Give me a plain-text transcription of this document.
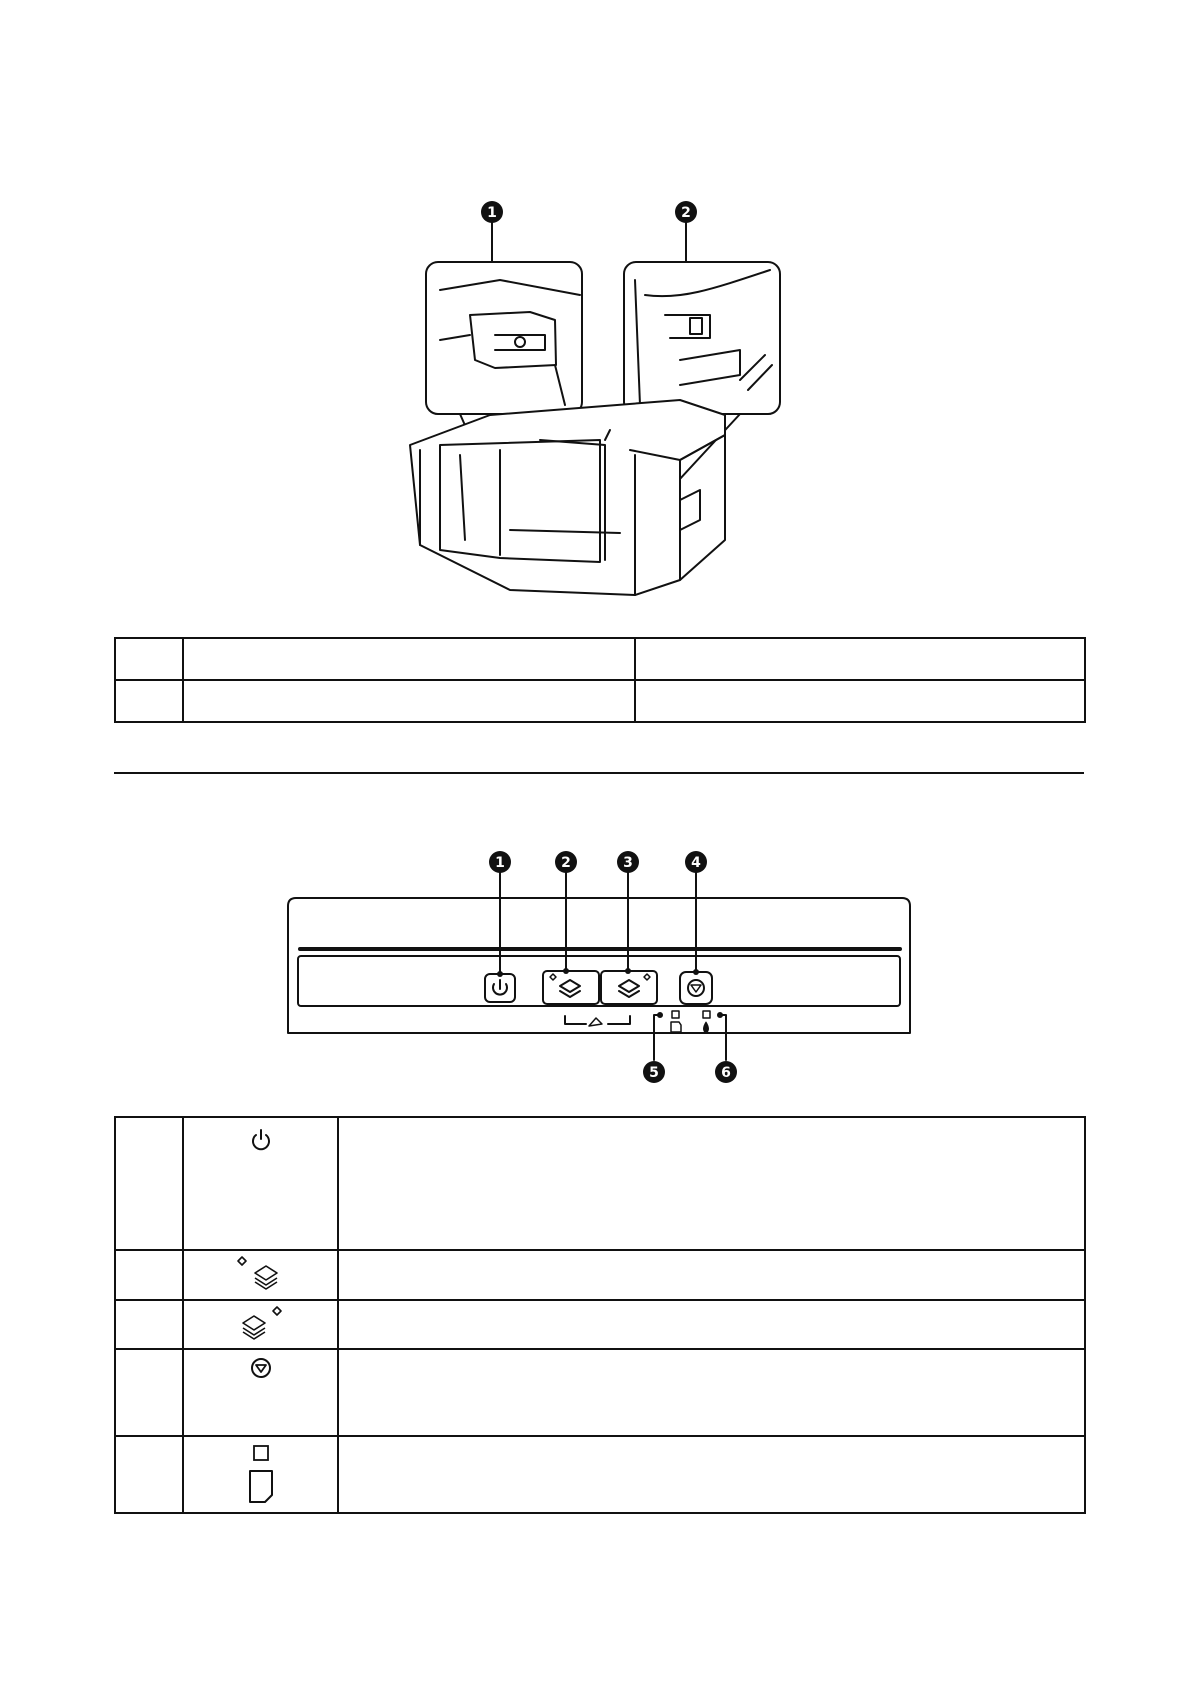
1	2

1	2	3	4
5	6
